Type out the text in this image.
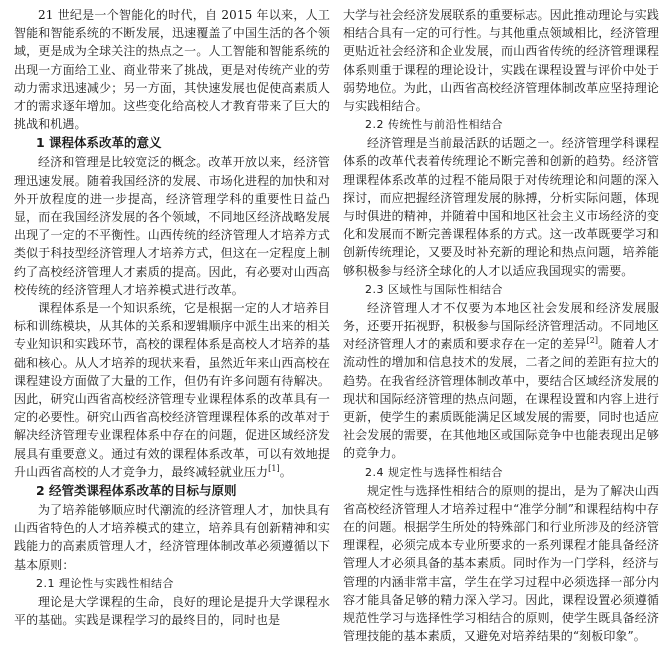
21 世纪是一个智能化的时代，自 2015 年以来，人工智能和智能系统的不断发展，迅速覆盖了中国生活的各个领域，更是成为全球关注的热点之一。人工智能和智能系统的出现一方面给工业、商业带来了挑战，更是对传统产业的劳动力需求迅速减少；另一方面，其快速发展也促使高素质人才的需求逐年增加。这些变化给高校人才教育带来了巨大的挑战和机遇。

1 课程体系改革的意义

经济和管理是比较宽泛的概念。改革开放以来，经济管理迅速发展。随着我国经济的发展、市场化进程的加快和对外开放程度的进一步提高，经济管理学科的重要性日益凸显，而在我国经济发展的各个领域，不同地区经济战略发展出现了一定的不平衡性。山西传统的经济管理人才培养方式类似于科技型经济管理人才培养方式，但这在一定程度上制约了高校经济管理人才素质的提高。因此，有必要对山西高校传统的经济管理人才培养模式进行改革。

课程体系是一个知识系统，它是根据一定的人才培养目标和训练模块，从其体的关系和逻辑顺序中派生出来的相关专业知识和实践环节，高校的课程体系是高校人才培养的基础和核心。从人才培养的现状来看，虽然近年来山西高校在课程建设方面做了大量的工作，但仍有许多问题有待解决。因此，研究山西省高校经济管理专业课程体系的改革具有一定的必要性。研究山西省高校经济管理课程体系的改革对于解决经济管理专业课程体系中存在的问题，促进区域经济发展具有重要意义。通过有效的课程体系改革，可以有效地提升山西省高校的人才竞争力，最终减轻就业压力[1]。

2 经管类课程体系改革的目标与原则

为了培养能够顺应时代潮流的经济管理人才，加快具有山西省特色的人才培养模式的建立，培养具有创新精神和实践能力的高素质管理人才，经济管理体制改革必须遵循以下基本原则：

2.1 理论性与实践性相结合

理论是大学课程的生命，良好的理论是提升大学课程水平的基础。实践是课程学习的最终目的，同时也是

大学与社会经济发展联系的重要标志。因此推动理论与实践相结合具有一定的可行性。与其他重点领域相比，经济管理更贴近社会经济和企业发展，而山西省传统的经济管理课程体系则重于课程的理论设计，实践在课程设置与评价中处于弱势地位。为此，山西省高校经济管理体制改革应坚持理论与实践相结合。

2.2 传统性与前沿性相结合

经济管理是当前最活跃的话题之一。经济管理学科课程体系的改革代表着传统理论不断完善和创新的趋势。经济管理课程体系改革的过程不能局限于对传统理论和问题的深入探讨，而应把握经济管理发展的脉搏，分析实际问题，体现与时俱进的精神，并随着中国和地区社会主义市场经济的变化和发展而不断完善课程体系的方式。这一改革既要学习和创新传统理论，又要及时补充新的理论和热点问题，培养能够积极参与经济全球化的人才以适应我国现实的需要。

2.3 区域性与国际性相结合

经济管理人才不仅要为本地区社会发展和经济发展服务，还要开拓视野，积极参与国际经济管理活动。不同地区对经济管理人才的素质和要求存在一定的差异[2]。随着人才流动性的增加和信息技术的发展，二者之间的差距有拉大的趋势。在我省经济管理体制改革中，要结合区域经济发展的现状和国际经济管理的热点问题，在课程设置和内容上进行更新，使学生的素质既能满足区域发展的需要，同时也适应社会发展的需要，在其他地区或国际竞争中也能表现出足够的竞争力。

2.4 规定性与选择性相结合

规定性与选择性相结合的原则的提出，是为了解决山西省高校经济管理人才培养过程中“准学分制”和课程结构中存在的问题。根据学生所处的特殊部门和行业所涉及的经济管理课程，必须完成本专业所要求的一系列课程才能具备经济管理人才必须具备的基本素质。同时作为一门学科，经济与管理的内涵非常丰富，学生在学习过程中必须选择一部分内容才能具备足够的精力深入学习。因此，课程设置必须遵循规范性学习与选择性学习相结合的原则，使学生既具备经济管理技能的基本素质，又避免对培养结果的“刻板印象”。
